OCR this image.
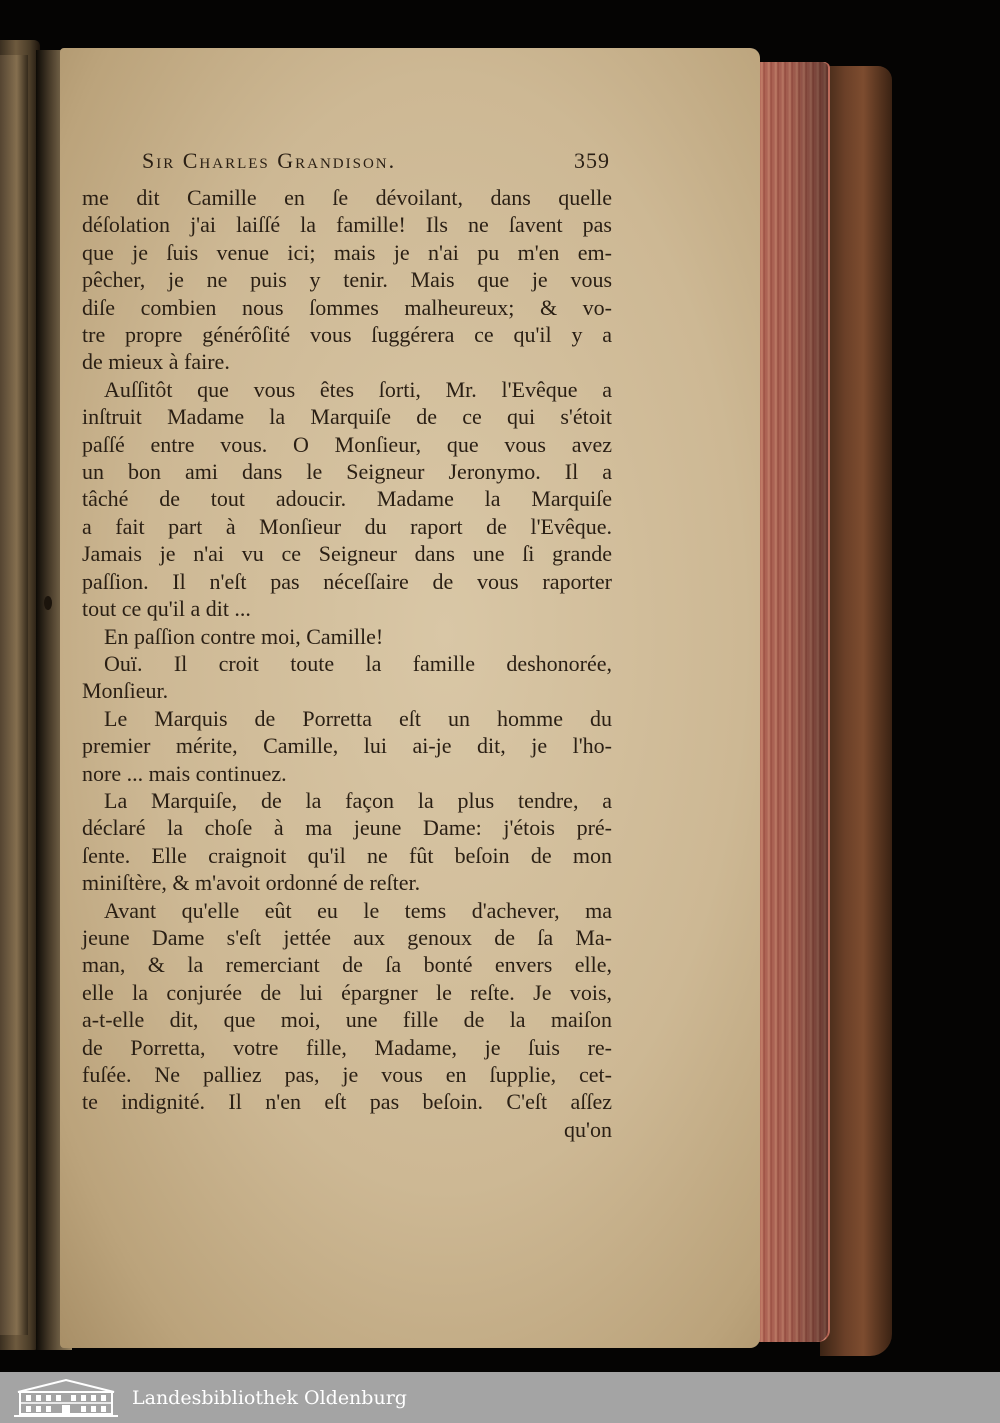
Sir Charles Grandison.	359
me dit Camille en ſe dévoilant, dans quelle
déſolation j'ai laiſſé la famille! Ils ne ſavent pas
que je ſuis venue ici; mais je n'ai pu m'en em-
pêcher, je ne puis y tenir. Mais que je vous
diſe combien nous ſommes malheureux; & vo-
tre propre générôſité vous ſuggérera ce qu'il y a
de mieux à faire.
Auſſitôt que vous êtes ſorti, Mr. l'Evêque a
inſtruit Madame la Marquiſe de ce qui s'étoit
paſſé entre vous. O Monſieur, que vous avez
un bon ami dans le Seigneur Jeronymo. Il a
tâché de tout adoucir. Madame la Marquiſe
a fait part à Monſieur du raport de l'Evêque.
Jamais je n'ai vu ce Seigneur dans une ſi grande
paſſion. Il n'eſt pas néceſſaire de vous raporter
tout ce qu'il a dit ...
En paſſion contre moi, Camille!
Ouï. Il croit toute la famille deshonorée,
Monſieur.
Le Marquis de Porretta eſt un homme du
premier mérite, Camille, lui ai-je dit, je l'ho-
nore ... mais continuez.
La Marquiſe, de la façon la plus tendre, a
déclaré la choſe à ma jeune Dame: j'étois pré-
ſente. Elle craignoit qu'il ne fût beſoin de mon
miniſtère, & m'avoit ordonné de reſter.
Avant qu'elle eût eu le tems d'achever, ma
jeune Dame s'eſt jettée aux genoux de ſa Ma-
man, & la remerciant de ſa bonté envers elle,
elle la conjurée de lui épargner le reſte. Je vois,
a-t-elle dit, que moi, une fille de la maiſon
de Porretta, votre fille, Madame, je ſuis re-
fuſée. Ne palliez pas, je vous en ſupplie, cet-
te indignité. Il n'en eſt pas beſoin. C'eſt aſſez
qu'on
Landesbibliothek Oldenburg
